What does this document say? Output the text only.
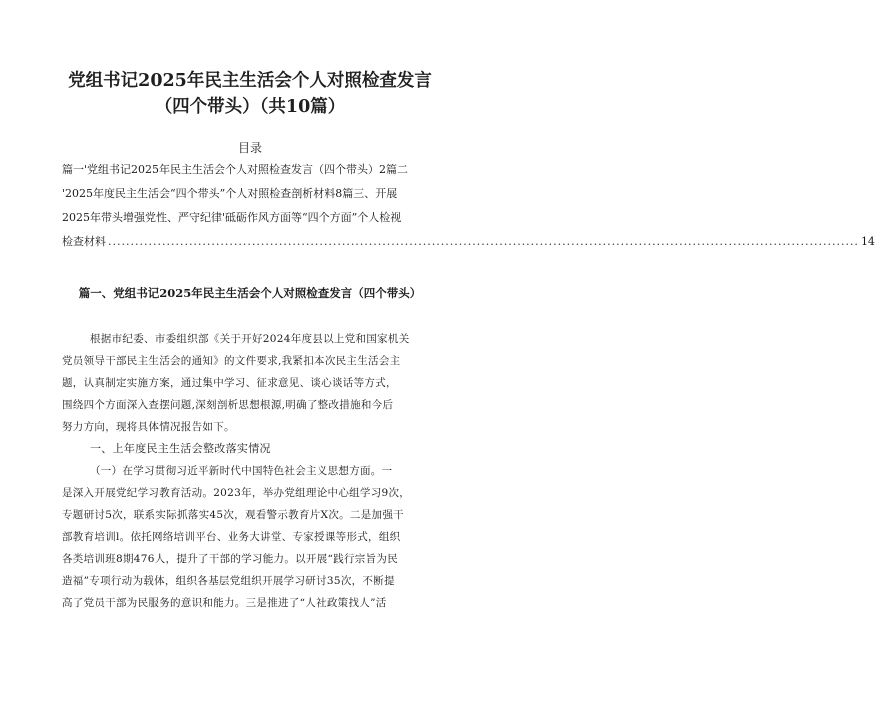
党组书记2025年民主生活会个人对照检查发言
（四个带头）（共10篇）
目录
篇一'党组书记2025年民主生活会个人对照检查发言（四个带头）2篇二
'2025年度民主生活会“四个带头”个人对照检查剖析材料8篇三、开展
2025年带头增强党性、严守纪律'砥砺作风方面等“四个方面”个人检视
检查材料 ....................................................................................................................................................................... 14
篇一、党组书记2025年民主生活会个人对照检查发言（四个带头）
根据市纪委、市委组织部《关于开好2024年度县以上党和国家机关
党员领导干部民主生活会的通知》的文件要求,我紧扣本次民主生活会主
题，认真制定实施方案，通过集中学习、征求意见、谈心谈话等方式，
围绕四个方面深入查摆问题,深刻剖析思想根源,明确了整改措施和今后
努力方向，现将具体情况报告如下。
一、上年度民主生活会整改落实情况
（一）在学习贯彻习近平新时代中国特色社会主义思想方面。一
是深入开展党纪学习教育活动。2023年，举办党组理论中心组学习9次，
专题研讨5次，联系实际抓落实45次，观看警示教育片X次。二是加强干
部教育培训l。依托网络培训平台、业务大讲堂、专家授课等形式，组织
各类培训班8期476人，提升了干部的学习能力。以开展“践行宗旨为民
造福”专项行动为载体，组织各基层党组织开展学习研讨35次，不断提
高了党员干部为民服务的意识和能力。三是推进了“人社政策找人”活
